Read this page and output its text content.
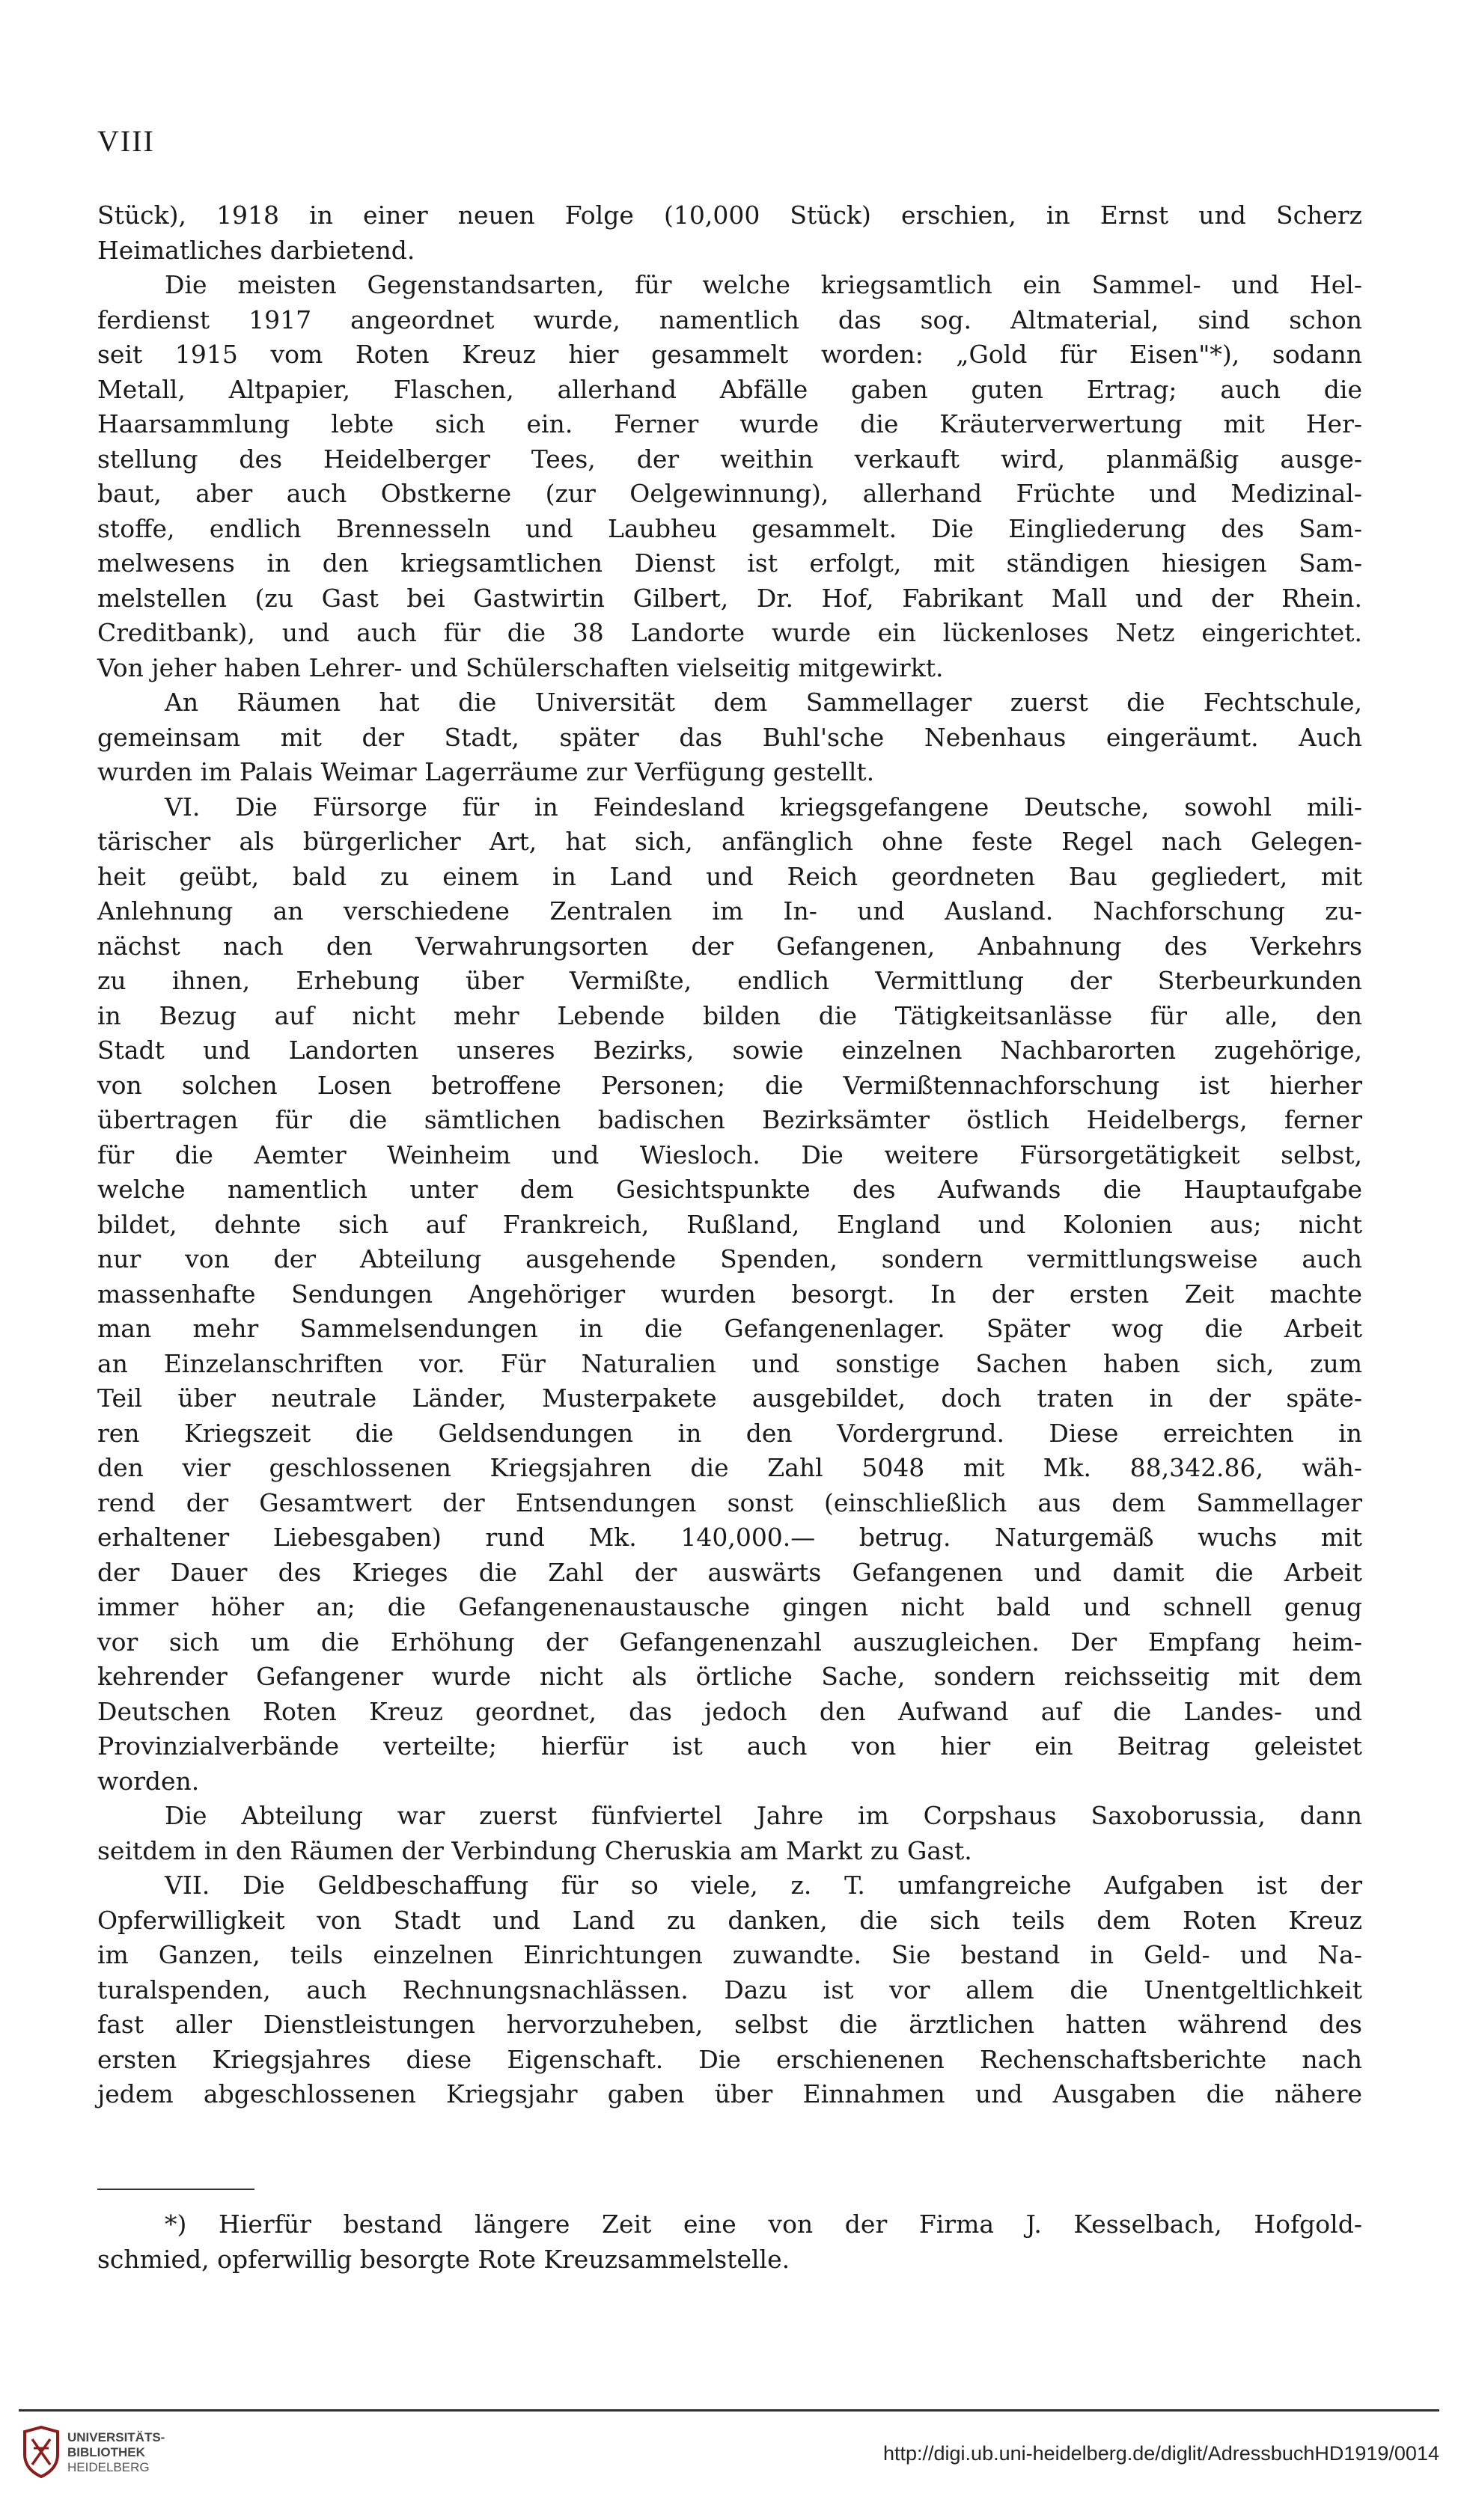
VIII
Stück), 1918 in einer neuen Folge (10,000 Stück) erschien, in Ernst und Scherz
Heimatliches darbietend.
Die meisten Gegenstandsarten, für welche kriegsamtlich ein Sammel- und Hel-
ferdienst 1917 angeordnet wurde, namentlich das sog. Altmaterial, sind schon
seit 1915 vom Roten Kreuz hier gesammelt worden: „Gold für Eisen"*), sodann
Metall, Altpapier, Flaschen, allerhand Abfälle gaben guten Ertrag; auch die
Haarsammlung lebte sich ein. Ferner wurde die Kräuterverwertung mit Her-
stellung des Heidelberger Tees, der weithin verkauft wird, planmäßig ausge-
baut, aber auch Obstkerne (zur Oelgewinnung), allerhand Früchte und Medizinal-
stoffe, endlich Brennesseln und Laubheu gesammelt. Die Eingliederung des Sam-
melwesens in den kriegsamtlichen Dienst ist erfolgt, mit ständigen hiesigen Sam-
melstellen (zu Gast bei Gastwirtin Gilbert, Dr. Hof, Fabrikant Mall und der Rhein.
Creditbank), und auch für die 38 Landorte wurde ein lückenloses Netz eingerichtet.
Von jeher haben Lehrer- und Schülerschaften vielseitig mitgewirkt.
An Räumen hat die Universität dem Sammellager zuerst die Fechtschule,
gemeinsam mit der Stadt, später das Buhl'sche Nebenhaus eingeräumt. Auch
wurden im Palais Weimar Lagerräume zur Verfügung gestellt.
VI. Die Fürsorge für in Feindesland kriegsgefangene Deutsche, sowohl mili-
tärischer als bürgerlicher Art, hat sich, anfänglich ohne feste Regel nach Gelegen-
heit geübt, bald zu einem in Land und Reich geordneten Bau gegliedert, mit
Anlehnung an verschiedene Zentralen im In- und Ausland. Nachforschung zu-
nächst nach den Verwahrungsorten der Gefangenen, Anbahnung des Verkehrs
zu ihnen, Erhebung über Vermißte, endlich Vermittlung der Sterbeurkunden
in Bezug auf nicht mehr Lebende bilden die Tätigkeitsanlässe für alle, den
Stadt und Landorten unseres Bezirks, sowie einzelnen Nachbarorten zugehörige,
von solchen Losen betroffene Personen; die Vermißtennachforschung ist hierher
übertragen für die sämtlichen badischen Bezirksämter östlich Heidelbergs, ferner
für die Aemter Weinheim und Wiesloch. Die weitere Fürsorgetätigkeit selbst,
welche namentlich unter dem Gesichtspunkte des Aufwands die Hauptaufgabe
bildet, dehnte sich auf Frankreich, Rußland, England und Kolonien aus; nicht
nur von der Abteilung ausgehende Spenden, sondern vermittlungsweise auch
massenhafte Sendungen Angehöriger wurden besorgt. In der ersten Zeit machte
man mehr Sammelsendungen in die Gefangenenlager. Später wog die Arbeit
an Einzelanschriften vor. Für Naturalien und sonstige Sachen haben sich, zum
Teil über neutrale Länder, Musterpakete ausgebildet, doch traten in der späte-
ren Kriegszeit die Geldsendungen in den Vordergrund. Diese erreichten in
den vier geschlossenen Kriegsjahren die Zahl 5048 mit Mk. 88,342.86, wäh-
rend der Gesamtwert der Entsendungen sonst (einschließlich aus dem Sammellager
erhaltener Liebesgaben) rund Mk. 140,000.— betrug. Naturgemäß wuchs mit
der Dauer des Krieges die Zahl der auswärts Gefangenen und damit die Arbeit
immer höher an; die Gefangenenaustausche gingen nicht bald und schnell genug
vor sich um die Erhöhung der Gefangenenzahl auszugleichen. Der Empfang heim-
kehrender Gefangener wurde nicht als örtliche Sache, sondern reichsseitig mit dem
Deutschen Roten Kreuz geordnet, das jedoch den Aufwand auf die Landes- und
Provinzialverbände verteilte; hierfür ist auch von hier ein Beitrag geleistet
worden.
Die Abteilung war zuerst fünfviertel Jahre im Corpshaus Saxoborussia, dann
seitdem in den Räumen der Verbindung Cheruskia am Markt zu Gast.
VII. Die Geldbeschaffung für so viele, z. T. umfangreiche Aufgaben ist der
Opferwilligkeit von Stadt und Land zu danken, die sich teils dem Roten Kreuz
im Ganzen, teils einzelnen Einrichtungen zuwandte. Sie bestand in Geld- und Na-
turalspenden, auch Rechnungsnachlässen. Dazu ist vor allem die Unentgeltlichkeit
fast aller Dienstleistungen hervorzuheben, selbst die ärztlichen hatten während des
ersten Kriegsjahres diese Eigenschaft. Die erschienenen Rechenschaftsberichte nach
jedem abgeschlossenen Kriegsjahr gaben über Einnahmen und Ausgaben die nähere
*) Hierfür bestand längere Zeit eine von der Firma J. Kesselbach, Hofgold-
schmied, opferwillig besorgte Rote Kreuzsammelstelle.
UNIVERSITÄTS-
BIBLIOTHEK
HEIDELBERG
http://digi.ub.uni-heidelberg.de/diglit/AdressbuchHD1919/0014
